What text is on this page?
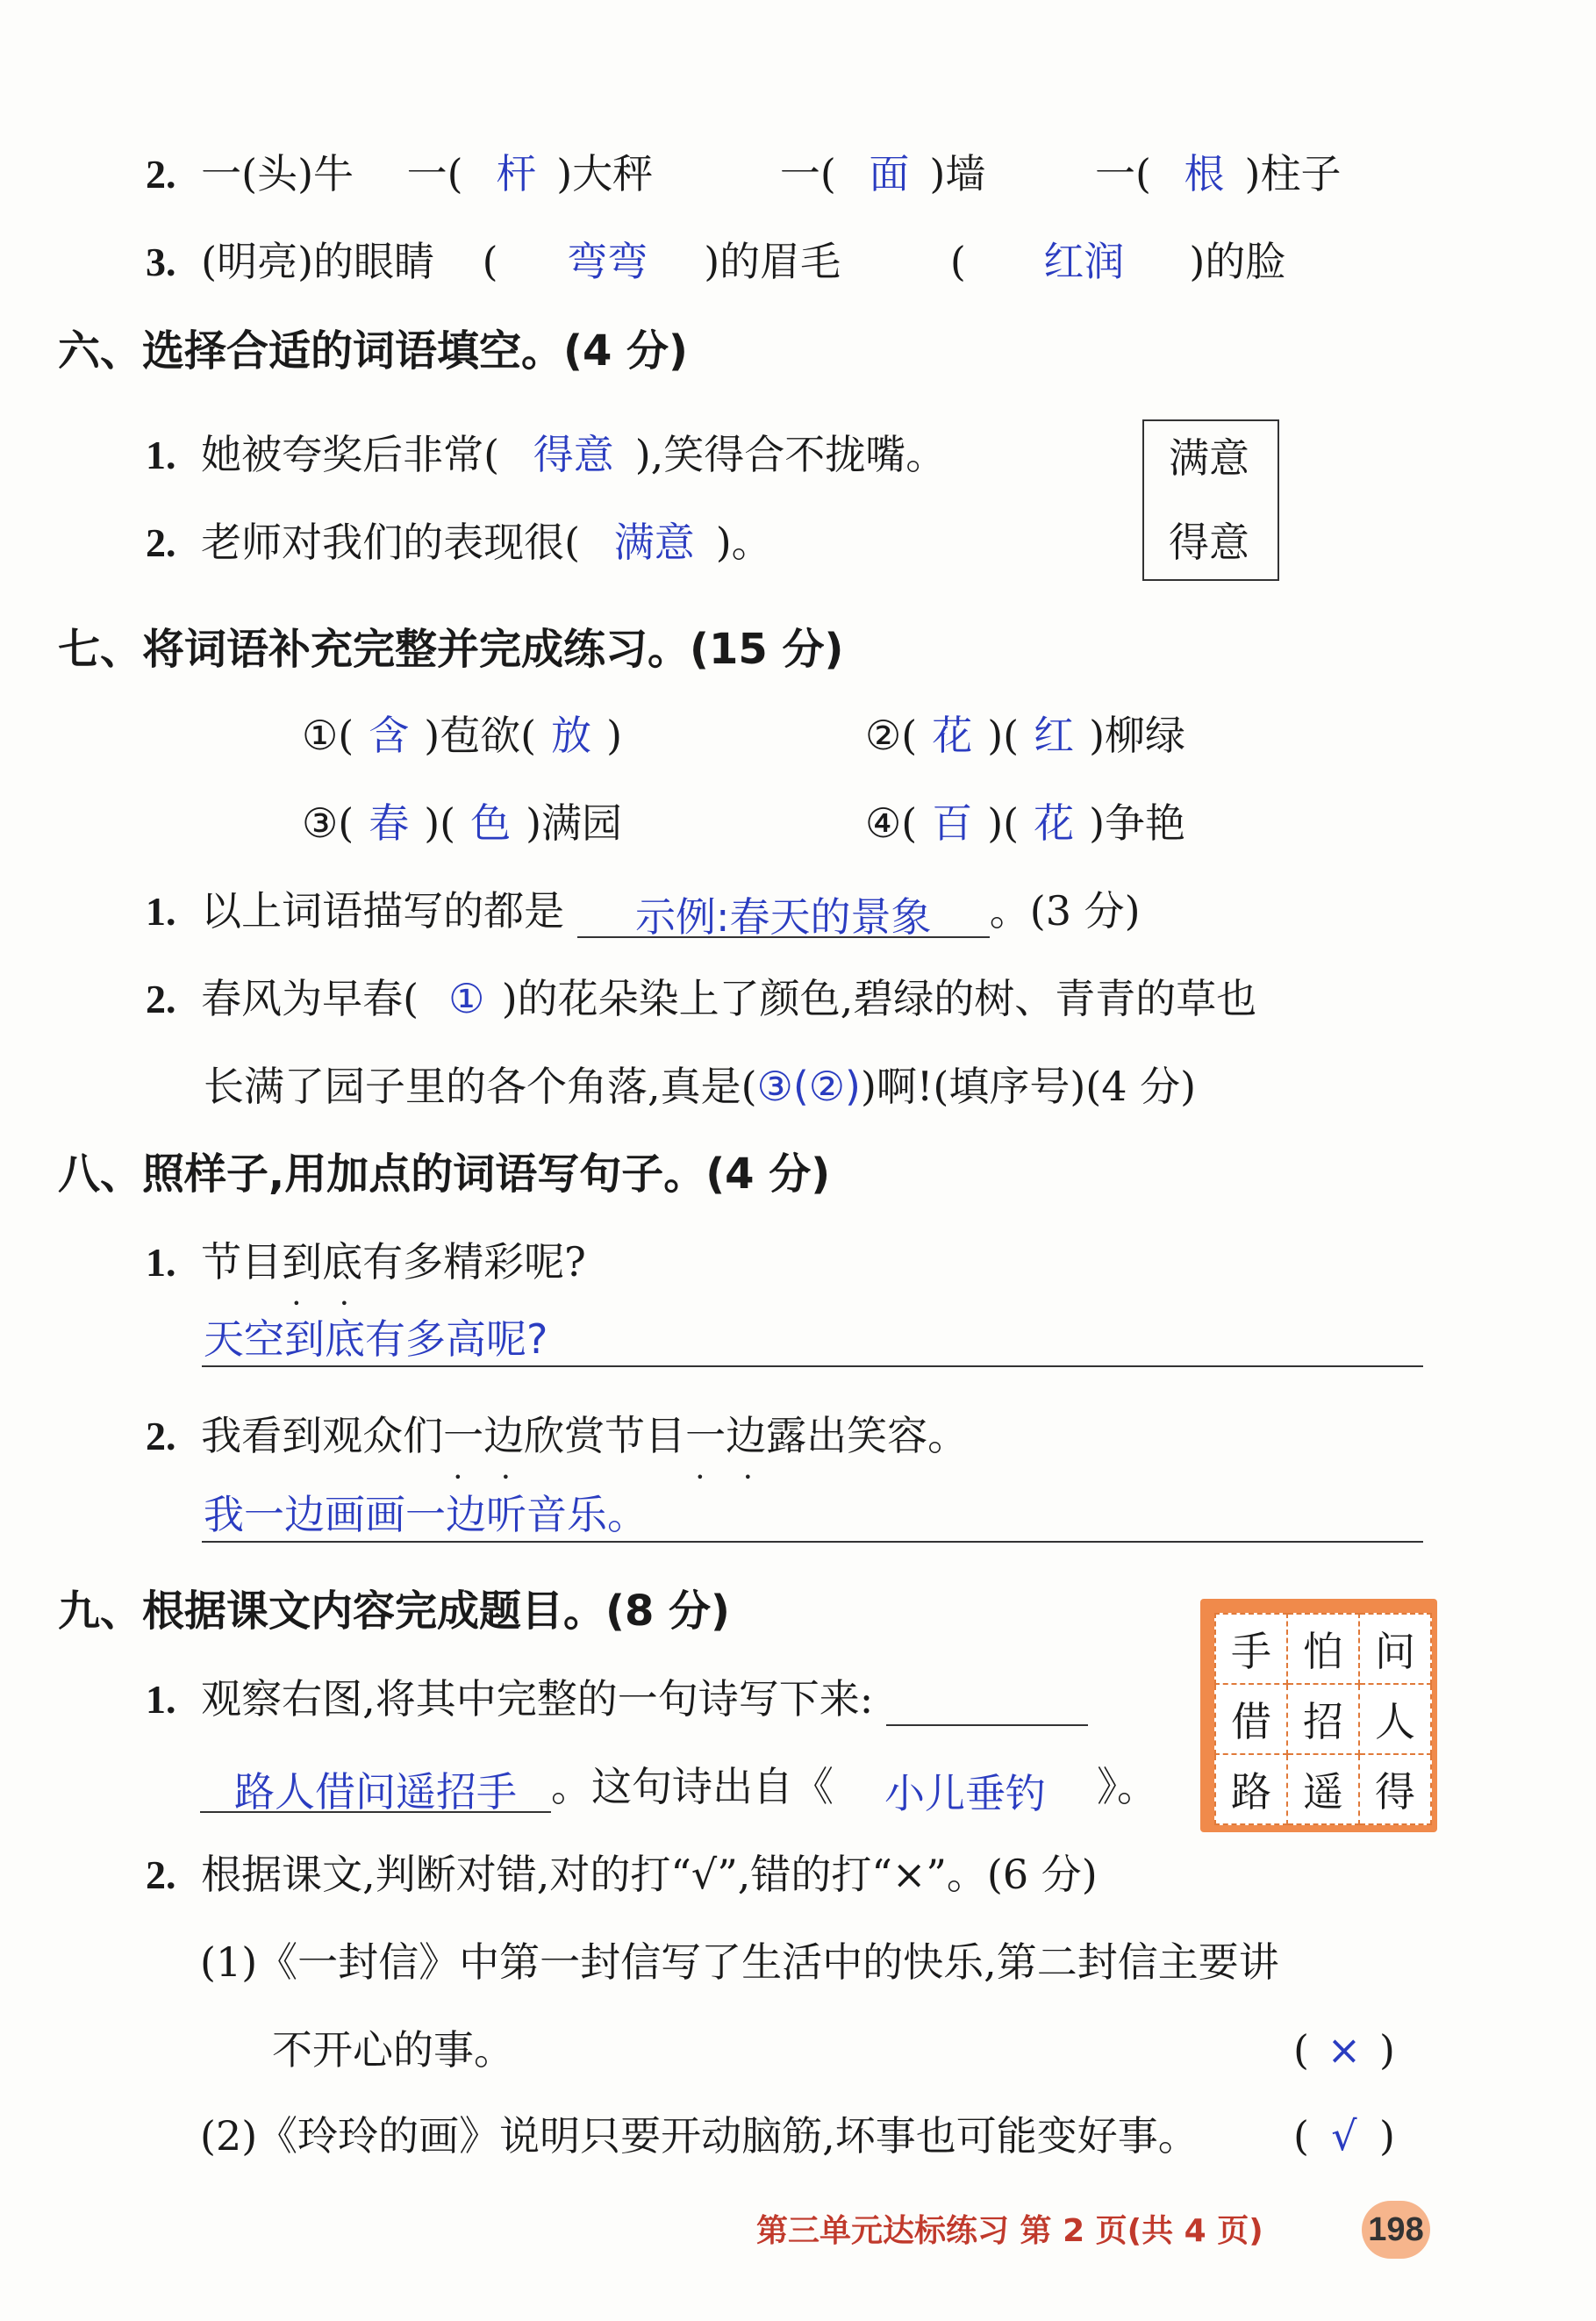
2. 一(头)牛 一( 杆 )大秤	一( 面 )墙	一( 根 )柱子
3. (明亮)的眼睛 ( 弯弯 )的眉毛	( 红润 )的脸
六、选择合适的词语填空。(4 分)
1. 她被夸奖后非常( 得意 ),笑得合不拢嘴。
2. 老师对我们的表现很( 满意 )。
满意
得意
七、将词语补充完整并完成练习。(15 分)
①( 含 )苞欲( 放 )	②( 花 )( 红 )柳绿
③( 春 )( 色 )满园	④( 百 )( 花 )争艳
1. 以上词语描写的都是 示例:春天的景象 。(3 分)
2. 春风为早春( ① )的花朵染上了颜色,碧绿的树、青青的草也
长满了园子里的各个角落,真是(③(②))啊!(填序号)(4 分)
八、照样子,用加点的词语写句子。(4 分)
1. 节目到底 • •有多精彩呢?
天空到底有多高呢?
2. 我看到观众们一边 • •欣赏节目一边 • •露出笑容。
我一边画画一边听音乐。
九、根据课文内容完成题目。(8 分)
1. 观察右图,将其中完整的一句诗写下来:
路人借问遥招手 。这句诗出自《 小儿垂钓 》。
手	怕	问
借	招	人
路	遥	得
2. 根据课文,判断对错,对的打“√”,错的打“×”。(6 分)
(1)《一封信》中第一封信写了生活中的快乐,第二封信主要讲
不开心的事。	( × )
(2)《玲玲的画》说明只要开动脑筋,坏事也可能变好事。 ( √ )
第三单元达标练习 第 2 页(共 4 页)	198
